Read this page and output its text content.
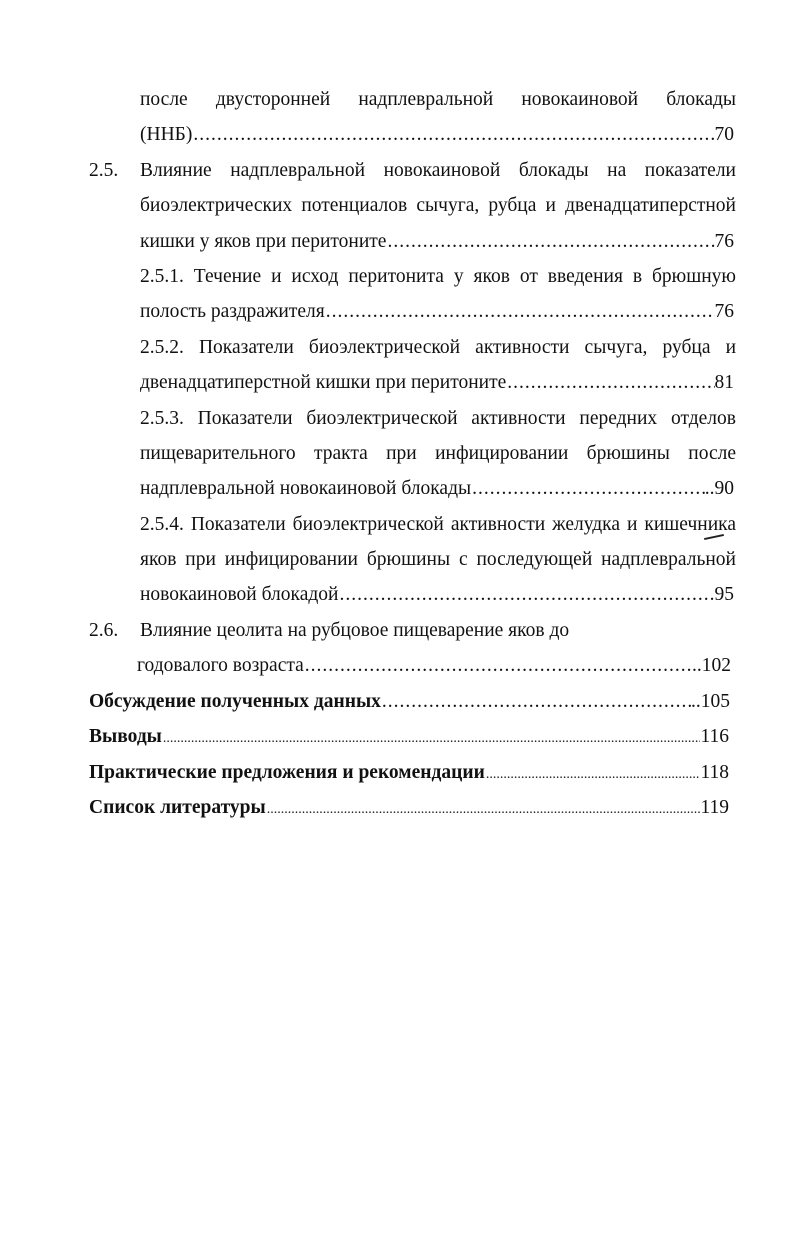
после двусторонней надплевральной новокаиновой блокады
(ННБ) .....	70
2.5. Влияние надплевральной новокаиновой блокады на показатели
биоэлектрических потенциалов сычуга, рубца и двенадцатиперстной
кишки у яков при перитоните .....	76
2.5.1. Течение и исход перитонита у яков от введения в брюшную
полость раздражителя .....	76
2.5.2. Показатели биоэлектрической активности сычуга, рубца и
двенадцатиперстной кишки при перитоните .....	81
2.5.3. Показатели биоэлектрической активности передних отделов
пищеварительного тракта при инфицировании брюшины после
надплевральной новокаиновой блокады .....	..90
2.5.4. Показатели биоэлектрической активности желудка и кишечника
яков при инфицировании брюшины с последующей надплевральной
новокаиновой блокадой .....	95
2.6. Влияние цеолита на рубцовое пищеварение яков до
годовалого возраста .....	..102
Обсуждение полученных данных .....	..105
Выводы .....	116
Практические предложения и рекомендации .....	118
Список литературы .....	119
